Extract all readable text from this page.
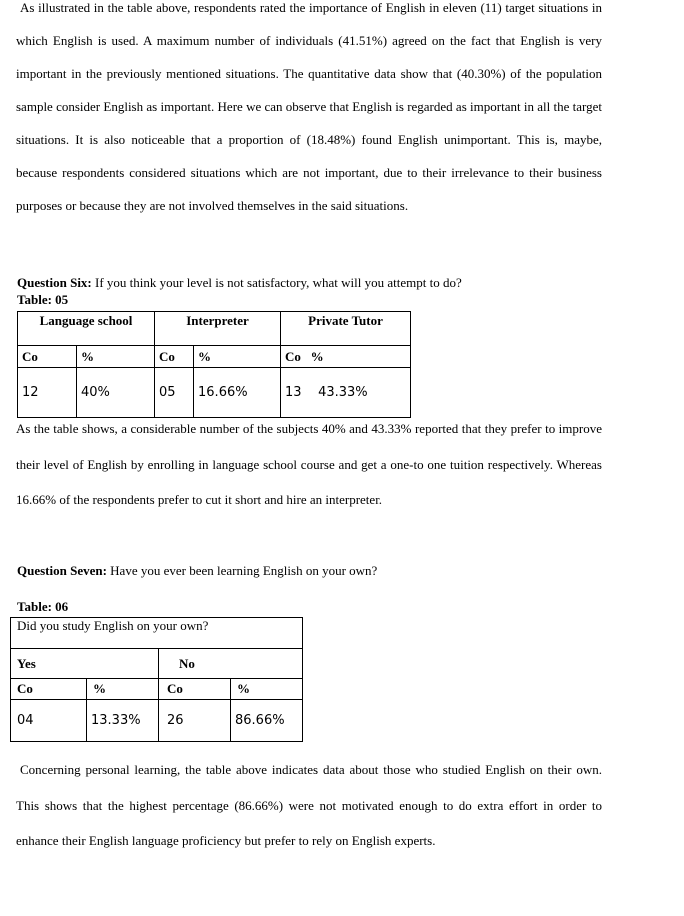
As illustrated in the table above, respondents rated the importance of English in eleven (11) target situations in which English is used. A maximum number of individuals (41.51%) agreed on the fact that English is very important in the previously mentioned situations. The quantitative data show that (40.30%) of the population sample consider English as important. Here we can observe that English is regarded as important in all the target situations. It is also noticeable that a proportion of (18.48%) found English unimportant. This is, maybe, because respondents considered situations which are not important, due to their irrelevance to their business purposes or because they are not involved themselves in the said situations.

Question Six: If you think your level is not satisfactory, what will you attempt to do?

Table: 05

Language school		Interpreter		Private Tutor
Co	%	Co	%	Co   %
12	40%	05	16.66%	13    43.33%

As the table shows, a considerable number of the subjects 40% and 43.33% reported that they prefer to improve their level of English by enrolling in language school course and get a one-to one tuition respectively. Whereas 16.66% of the respondents prefer to cut it short and hire an interpreter.

Question Seven: Have you ever been learning English on your own?

Table: 06

Did you study English on your own?			
Yes		No	
Co	%	Co	%
04	13.33%	26	86.66%

Concerning personal learning, the table above indicates data about those who studied English on their own. This shows that the highest percentage (86.66%) were not motivated enough to do extra effort in order to enhance their English language proficiency but prefer to rely on English experts.
